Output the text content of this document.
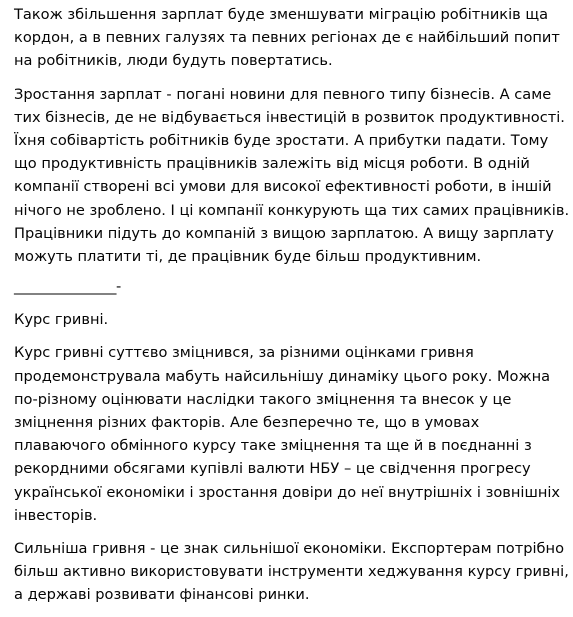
Також збільшення зарплат буде зменшувати міграцію робітників ща
кордон, а в певних галузях та певних регіонах де є найбільший попит
на робітників, люди будуть повертатись.

Зростання зарплат - погані новини для певного типу бізнесів. А саме
тих бізнесів, де не відбувається інвестицій в розвиток продуктивності.
Їхня собівартість робітників буде зростати. А прибутки падати. Тому
що продуктивність працівників залежіть від місця роботи. В одній
компанії створені всі умови для високої ефективності роботи, в іншій
нічого не зроблено. І ці компанії конкурують ща тих самих працівників.
Працівники підуть до компаній з вищою зарплатою. А вищу зарплату
можуть платити ті, де працівник буде більш продуктивним.

_______________-

Курс гривні.

Курс гривні суттєво зміцнився, за різними оцінками гривня
продемонструвала мабуть найсильнішу динаміку цього року. Можна
по-різному оцінювати наслідки такого зміцнення та внесок у це
зміцнення різних факторів. Але безперечно те, що в умовах
плаваючого обмінного курсу таке зміцнення та ще й в поєднанні з
рекордними обсягами купівлі валюти НБУ – це свідчення прогресу
української економіки і зростання довіри до неї внутрішніх і зовнішніх
інвесторів.

Сильніша гривня - це знак сильнішої економіки. Експортерам потрібно
більш активно використовувати інструменти хеджування курсу гривні,
а державі розвивати фінансові ринки.
